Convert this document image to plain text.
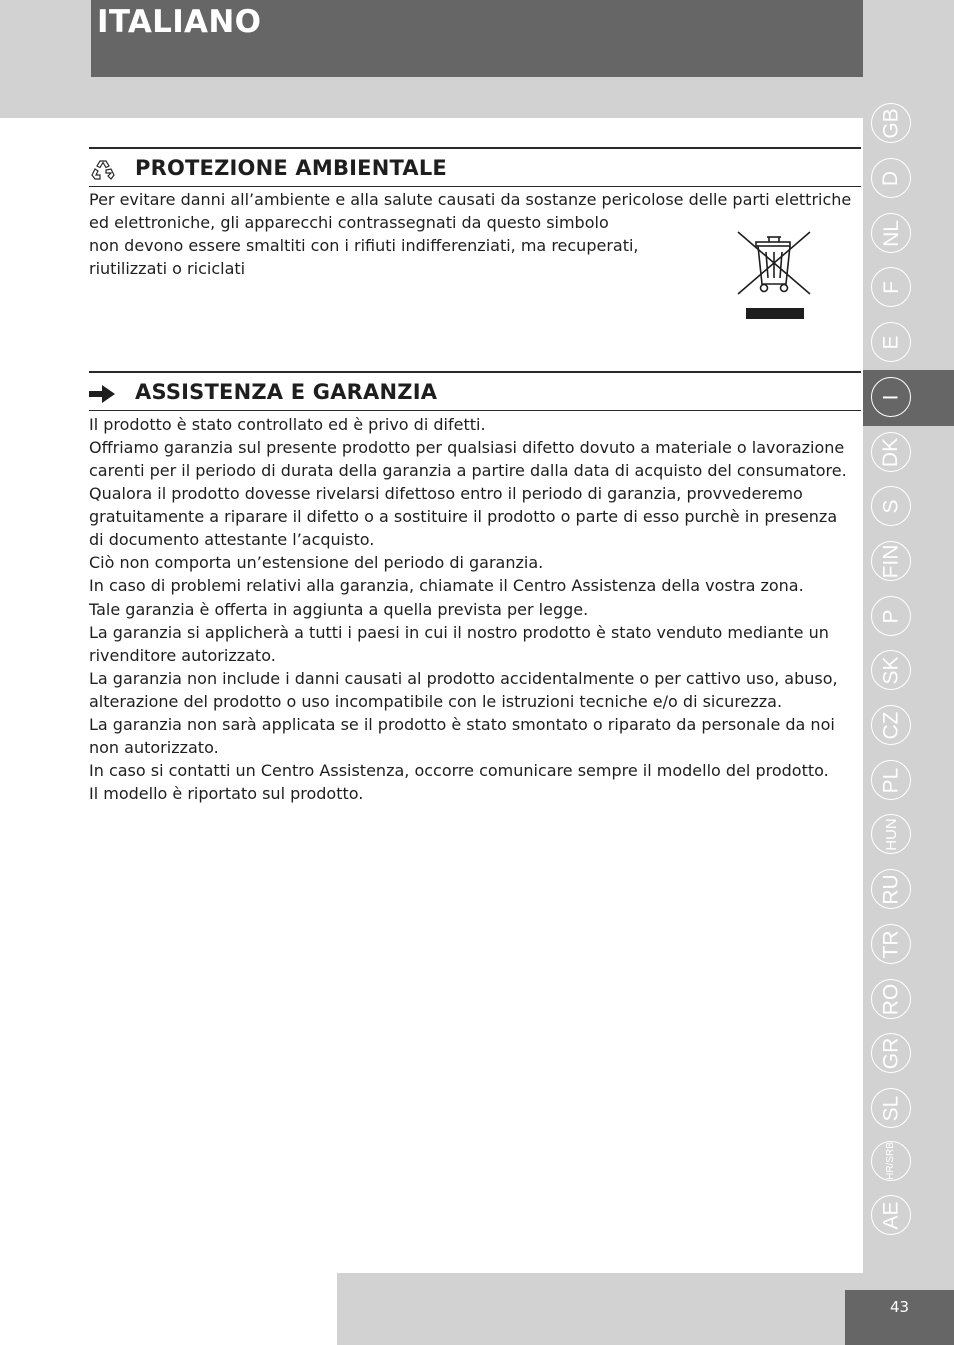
ITALIANO
PROTEZIONE AMBIENTALE

Per evitare danni all’ambiente e alla salute causati da sostanze pericolose delle parti elettriche

ed elettroniche, gli apparecchi contrassegnati da questo simbolo

non devono essere smaltiti con i rifiuti indifferenziati, ma recuperati,

riutilizzati o riciclati

ASSISTENZA E GARANZIA

Il prodotto è stato controllato ed è privo di difetti.

Offriamo garanzia sul presente prodotto per qualsiasi difetto dovuto a materiale o lavorazione

carenti per il periodo di durata della garanzia a partire dalla data di acquisto del consumatore.

Qualora il prodotto dovesse rivelarsi difettoso entro il periodo di garanzia, provvederemo

gratuitamente a riparare il difetto o a sostituire il prodotto o parte di esso purchè in presenza

di documento attestante l’acquisto.

Ciò non comporta un’estensione del periodo di garanzia.

In caso di problemi relativi alla garanzia, chiamate il Centro Assistenza della vostra zona.

Tale garanzia è offerta in aggiunta a quella prevista per legge.

La garanzia si applicherà a tutti i paesi in cui il nostro prodotto è stato venduto mediante un

rivenditore autorizzato.

La garanzia non include i danni causati al prodotto accidentalmente o per cattivo uso, abuso,

alterazione del prodotto o uso incompatibile con le istruzioni tecniche e/o di sicurezza.

La garanzia non sarà applicata se il prodotto è stato smontato o riparato da personale da noi

non autorizzato.

In caso si contatti un Centro Assistenza, occorre comunicare sempre il modello del prodotto.

Il modello è riportato sul prodotto.

GB
D
NL
F
E
I
DK
S
FIN
P
SK
CZ
PL
HUN
RU
TR
RO
GR
SL
HR/SRB
AE
43
